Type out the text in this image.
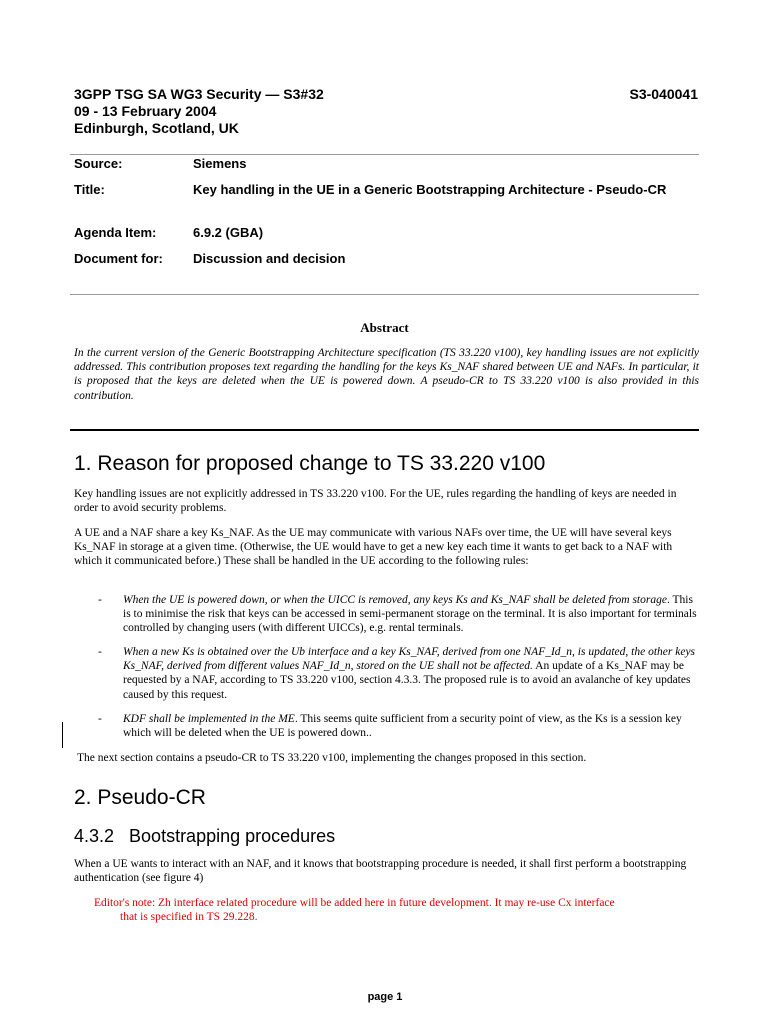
3GPP TSG SA WG3 Security — S3#32
09 - 13 February 2004
Edinburgh, Scotland, UK
S3-040041
Source:	Siemens
Title:	Key handling in the UE in a Generic Bootstrapping Architecture - Pseudo-CR
Agenda Item:	6.9.2 (GBA)
Document for:	Discussion and decision
Abstract
In the current version of the Generic Bootstrapping Architecture specification (TS 33.220 v100), key handling issues are not explicitly addressed. This contribution proposes text regarding the handling for the keys Ks_NAF shared between UE and NAFs. In particular, it is proposed that the keys are deleted when the UE is powered down. A pseudo-CR to TS 33.220 v100 is also provided in this contribution.
1. Reason for proposed change to TS 33.220 v100
Key handling issues are not explicitly addressed in TS 33.220 v100. For the UE, rules regarding the handling of keys are needed in order to avoid security problems.
A UE and a NAF share a key Ks_NAF. As the UE may communicate with various NAFs over time, the UE will have several keys Ks_NAF in storage at a given time. (Otherwise, the UE would have to get a new key each time it wants to get back to a NAF with which it communicated before.) These shall be handled in the UE according to the following rules:
- When the UE is powered down, or when the UICC is removed, any keys Ks and Ks_NAF shall be deleted from storage. This is to minimise the risk that keys can be accessed in semi-permanent storage on the terminal. It is also important for terminals controlled by changing users (with different UICCs), e.g. rental terminals.
- When a new Ks is obtained over the Ub interface and a key Ks_NAF, derived from one NAF_Id_n, is updated, the other keys Ks_NAF, derived from different values NAF_Id_n, stored on the UE shall not be affected. An update of a Ks_NAF may be requested by a NAF, according to TS 33.220 v100, section 4.3.3. The proposed rule is to avoid an avalanche of key updates caused by this request.
- KDF shall be implemented in the ME. This seems quite sufficient from a security point of view, as the Ks is a session key which will be deleted when the UE is powered down..
The next section contains a pseudo-CR to TS 33.220 v100, implementing the changes proposed in this section.
2. Pseudo-CR
4.3.2   Bootstrapping procedures
When a UE wants to interact with an NAF, and it knows that bootstrapping procedure is needed, it shall first perform a bootstrapping authentication (see figure 4)
Editor's note: Zh interface related procedure will be added here in future development. It may re-use Cx interface
that is specified in TS 29.228.
page 1
